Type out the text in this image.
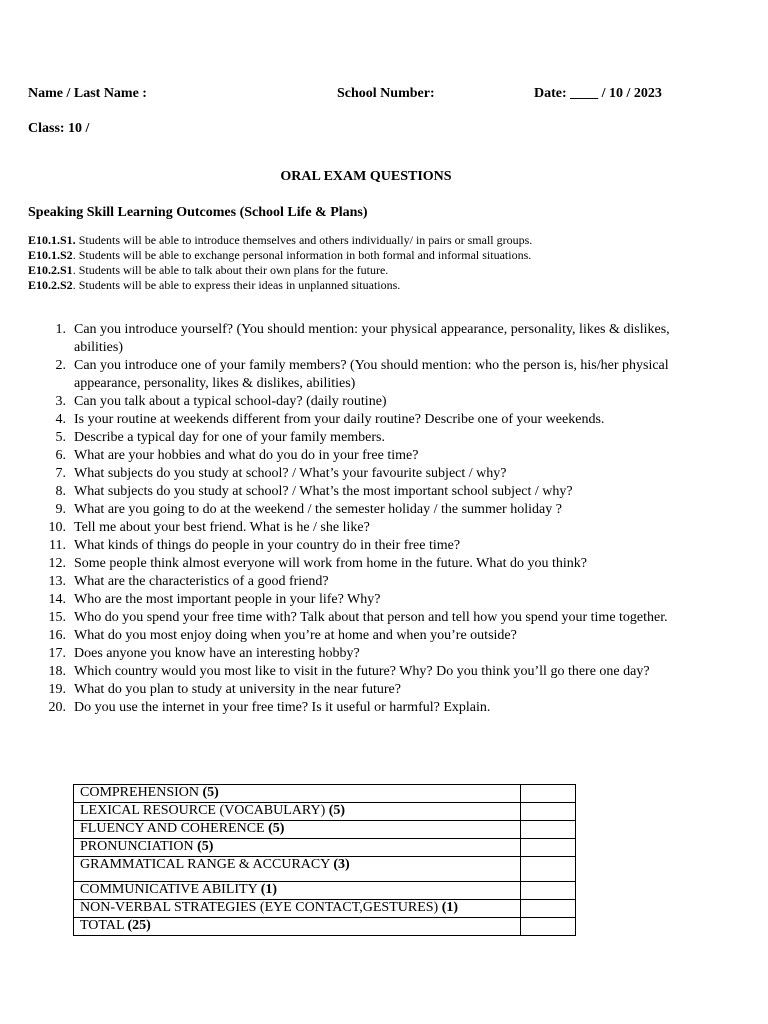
Name / Last Name :	School Number:	Date: ____ / 10 / 2023
Class: 10 /
ORAL EXAM QUESTIONS
Speaking Skill Learning Outcomes (School Life & Plans)
E10.1.S1. Students will be able to introduce themselves and others individually/ in pairs or small groups.
E10.1.S2. Students will be able to exchange personal information in both formal and informal situations.
E10.2.S1. Students will be able to talk about their own plans for the future.
E10.2.S2. Students will be able to express their ideas in unplanned situations.
1. Can you introduce yourself? (You should mention: your physical appearance, personality, likes & dislikes, abilities)
2. Can you introduce one of your family members? (You should mention: who the person is, his/her physical appearance, personality, likes & dislikes, abilities)
3. Can you talk about a typical school-day? (daily routine)
4. Is your routine at weekends different from your daily routine? Describe one of your weekends.
5. Describe a typical day for one of your family members.
6. What are your hobbies and what do you do in your free time?
7. What subjects do you study at school? / What’s your favourite subject / why?
8. What subjects do you study at school? / What’s the most important school subject / why?
9. What are you going to do at the weekend / the semester holiday / the summer holiday ?
10. Tell me about your best friend. What is he / she like?
11. What kinds of things do people in your country do in their free time?
12. Some people think almost everyone will work from home in the future. What do you think?
13. What are the characteristics of a good friend?
14. Who are the most important people in your life? Why?
15. Who do you spend your free time with? Talk about that person and tell how you spend your time together.
16. What do you most enjoy doing when you’re at home and when you’re outside?
17. Does anyone you know have an interesting hobby?
18. Which country would you most like to visit in the future? Why? Do you think you’ll go there one day?
19. What do you plan to study at university in the near future?
20. Do you use the internet in your free time? Is it useful or harmful? Explain.
COMPREHENSION (5)	
LEXICAL RESOURCE (VOCABULARY) (5)	
FLUENCY AND COHERENCE (5)	
PRONUNCIATION (5)	
GRAMMATICAL RANGE & ACCURACY (3)	
COMMUNICATIVE ABILITY (1)	
NON-VERBAL STRATEGIES (EYE CONTACT,GESTURES) (1)	
TOTAL (25)	
